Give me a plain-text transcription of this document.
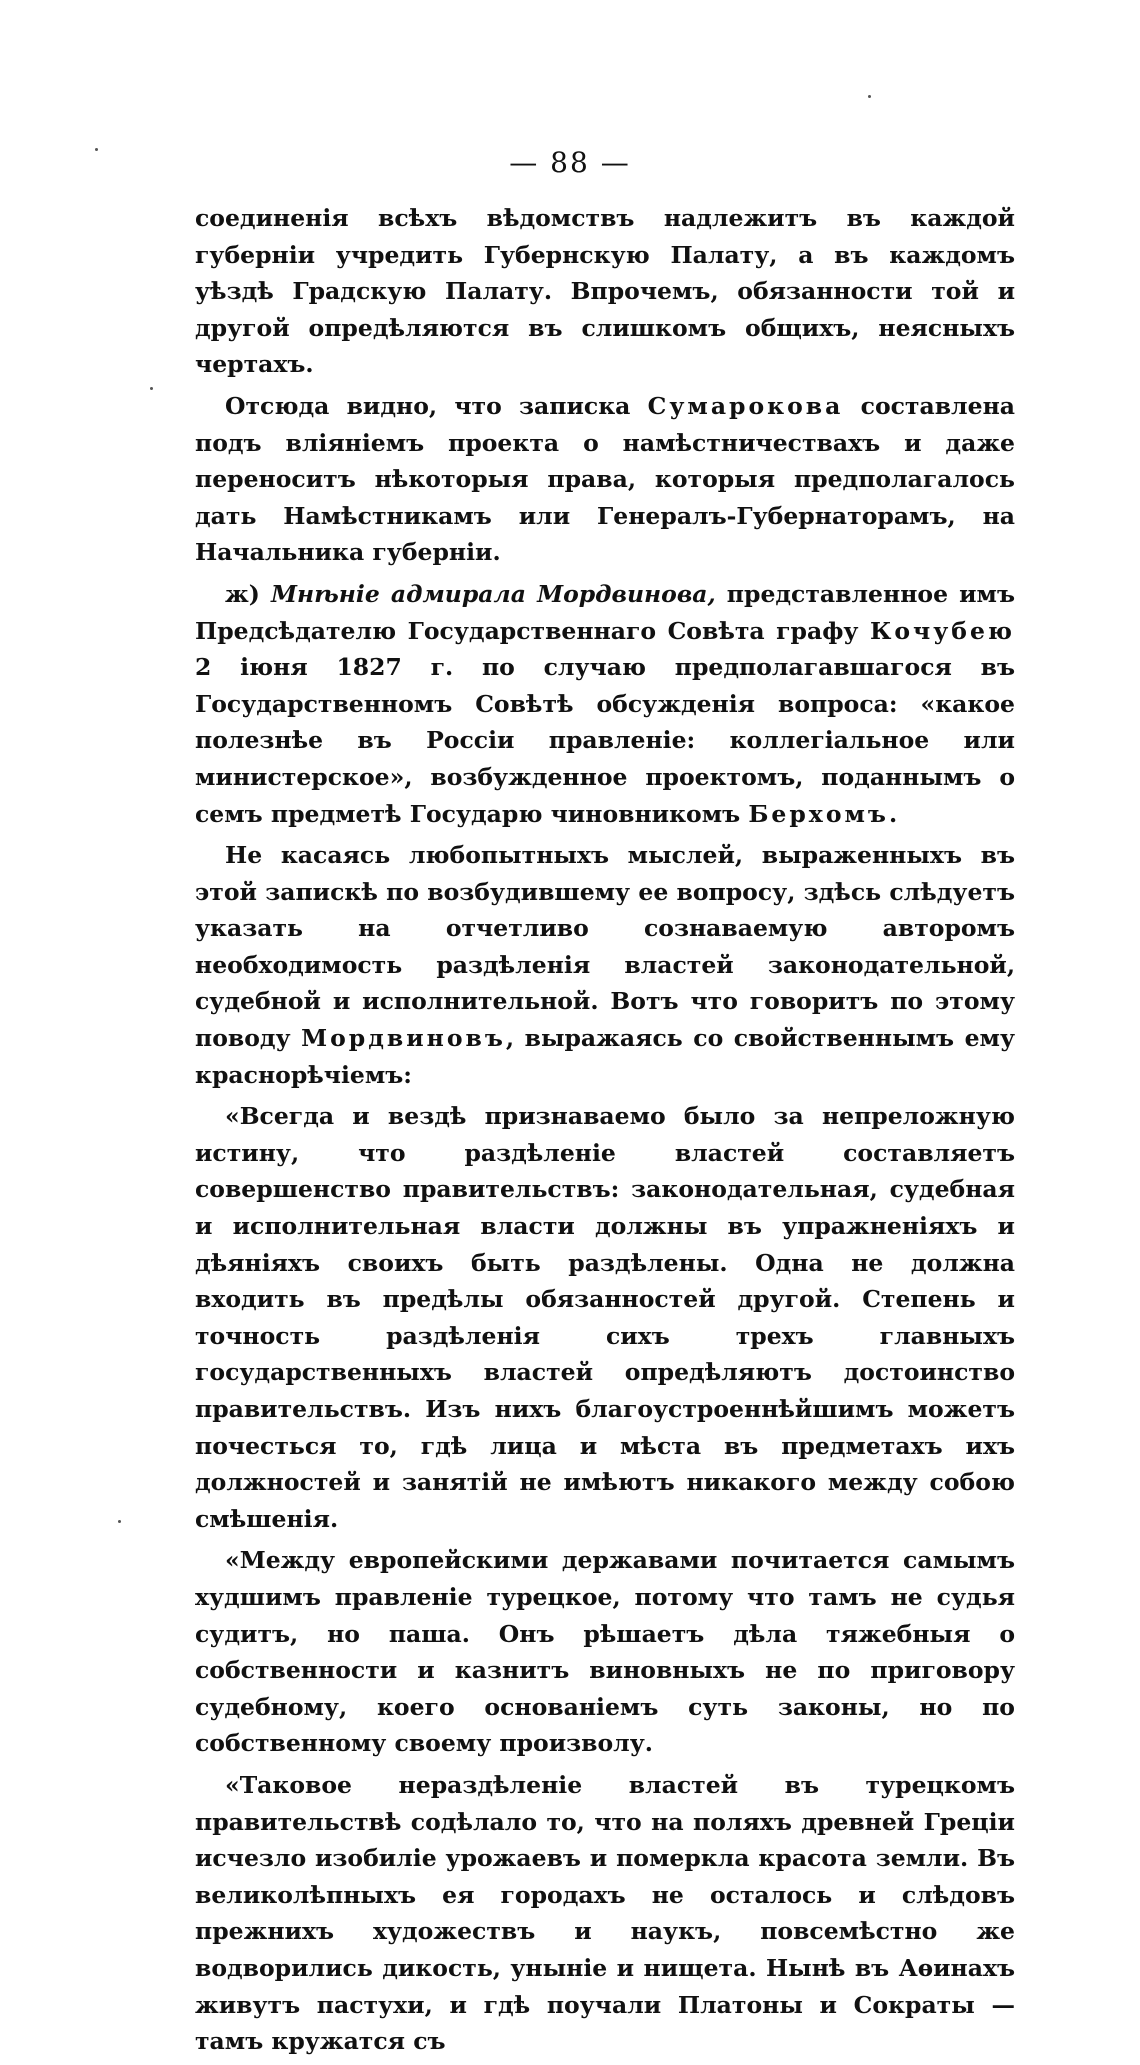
— 88 —

соединенія всѣхъ вѣдомствъ надлежитъ въ каждой губерніи учредить Губернскую Палату, а въ каждомъ уѣздѣ Градскую Палату. Впрочемъ, обязанности той и другой опредѣляются въ слишкомъ общихъ, неясныхъ чертахъ.

Отсюда видно, что записка Сумарокова составлена подъ вліяніемъ проекта о намѣстничествахъ и даже переноситъ нѣкоторыя права, которыя предполагалось дать Намѣстникамъ или Генералъ-Губернаторамъ, на Начальника губерніи.

ж) Мнѣніе адмирала Мордвинова, представленное имъ Предсѣдателю Государственнаго Совѣта графу Кочубею 2 іюня 1827 г. по случаю предполагавшагося въ Государственномъ Совѣтѣ обсужденія вопроса: «какое полезнѣе въ Россіи правленіе: коллегіальное или министерское», возбужденное проектомъ, поданнымъ о семъ предметѣ Государю чиновникомъ Берхомъ.

Не касаясь любопытныхъ мыслей, выраженныхъ въ этой запискѣ по возбудившему ее вопросу, здѣсь слѣдуетъ указать на отчетливо сознаваемую авторомъ необходимость раздѣленія властей законодательной, судебной и исполнительной. Вотъ что говоритъ по этому поводу Мордвиновъ, выражаясь со свойственнымъ ему краснорѣчіемъ:

«Всегда и вездѣ признаваемо было за непреложную истину, что раздѣленіе властей составляетъ совершенство правительствъ: законодательная, судебная и исполнительная власти должны въ упражненіяхъ и дѣяніяхъ своихъ быть раздѣлены. Одна не должна входить въ предѣлы обязанностей другой. Степень и точность раздѣленія сихъ трехъ главныхъ государственныхъ властей опредѣляютъ достоинство правительствъ. Изъ нихъ благоустроеннѣйшимъ можетъ почесться то, гдѣ лица и мѣста въ предметахъ ихъ должностей и занятій не имѣютъ никакого между собою смѣшенія.

«Между европейскими державами почитается самымъ худшимъ правленіе турецкое, потому что тамъ не судья судитъ, но паша. Онъ рѣшаетъ дѣла тяжебныя о собственности и казнитъ виновныхъ не по приговору судебному, коего основаніемъ суть законы, но по собственному своему произволу.

«Таковое нераздѣленіе властей въ турецкомъ правительствѣ содѣлало то, что на поляхъ древней Греціи исчезло изобиліе урожаевъ и померкла красота земли. Въ великолѣпныхъ ея городахъ не осталось и слѣдовъ прежнихъ художествъ и наукъ, повсемѣстно же водворились дикость, уныніе и нищета. Нынѣ въ Аѳинахъ живутъ пастухи, и гдѣ поучали Платоны и Сократы — тамъ кружатся съ
